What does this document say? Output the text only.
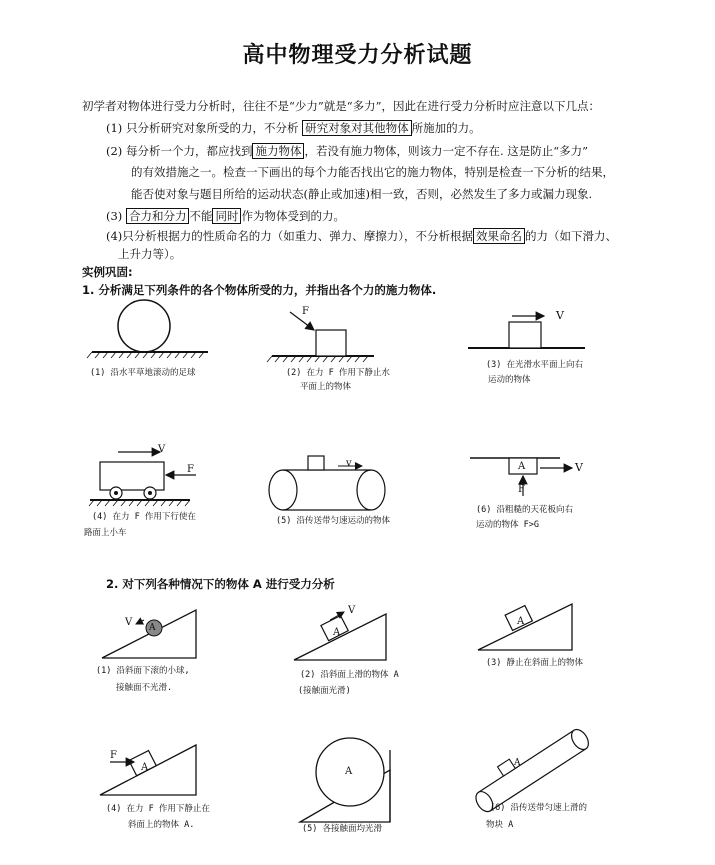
高中物理受力分析试题
初学者对物体进行受力分析时，往往不是“少力”就是“多力”，因此在进行受力分析时应注意以下几点：
(1) 只分析研究对象所受的力，不分析 研究对象对其他物体 所施加的力。
(2) 每分析一个力，都应找到 施力物体 ，若没有施力物体，则该力一定不存在. 这是防止“多力”
的有效措施之一。检查一下画出的每个力能否找出它的施力物体，特别是检查一下分析的结果，
能否使对象与题目所给的运动状态(静止或加速)相一致，否则，必然发生了多力或漏力现象.
(3) 合力和分力 不能 同时 作为物体受到的力。
(4)只分析根据力的性质命名的力（如重力、弹力、摩擦力），不分析根据 效果命名 的力（如下滑力、
上升力等）。
实例巩固:
1. 分析满足下列条件的各个物体所受的力，并指出各个力的施力物体.
F	V
V
F
v	A	V
F
(1) 沿水平草地滚动的足球	(2) 在力 F 作用下静止水
平面上的物体
(3) 在光滑水平面上向右
运动的物体
(4) 在力 F 作用下行使在
路面上小车
(5) 沿传送带匀速运动的物体
(6) 沿粗糙的天花板向右
运动的物体 F>G
2. 对下列各种情况下的物体 A 进行受力分析
V A
V
A
A
F
A	A
A
(1) 沿斜面下滚的小球,
接触面不光滑.
(2) 沿斜面上滑的物体 A
(接触面光滑)
(3) 静止在斜面上的物体
(4) 在力 F 作用下静止在
斜面上的物体 A.	(5) 各接触面均光滑
(6) 沿传送带匀速上滑的
物块 A
